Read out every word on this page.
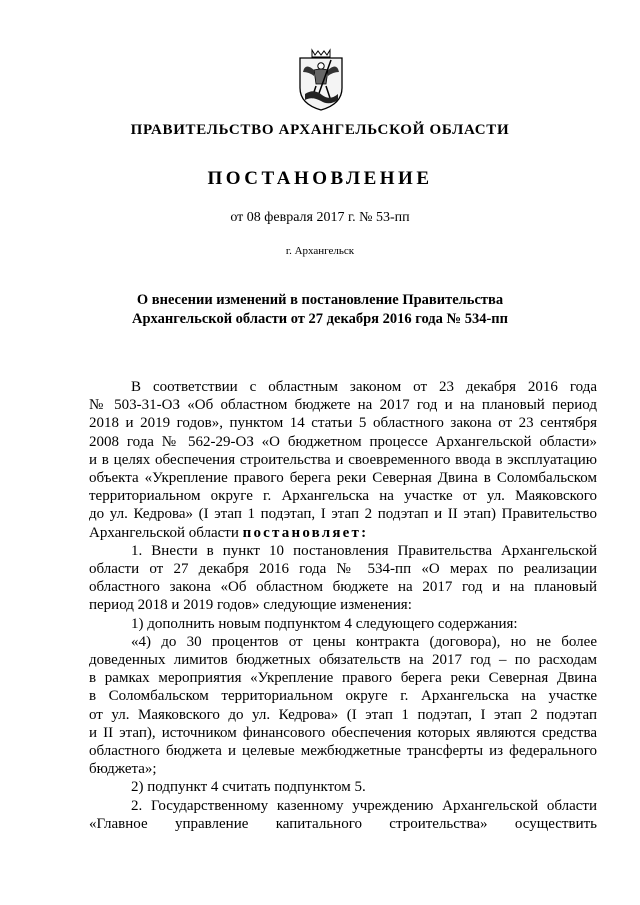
ПРАВИТЕЛЬСТВО АРХАНГЕЛЬСКОЙ ОБЛАСТИ
ПОСТАНОВЛЕНИЕ
от 08 февраля 2017 г. № 53-пп
г. Архангельск
О внесении изменений в постановление Правительства
Архангельской области от 27 декабря 2016 года № 534-пп
В соответствии с областным законом от 23 декабря 2016 года
№ 503-31-ОЗ «Об областном бюджете на 2017 год и на плановый период
2018 и 2019 годов», пунктом 14 статьи 5 областного закона от 23 сентября
2008 года № 562-29-ОЗ «О бюджетном процессе Архангельской области»
и в целях обеспечения строительства и своевременного ввода в эксплуатацию
объекта «Укрепление правого берега реки Северная Двина в Соломбальском
территориальном округе г. Архангельска на участке от ул. Маяковского
до ул. Кедрова» (I этап 1 подэтап, I этап 2 подэтап и II этап) Правительство
Архангельской области постановляет:
1. Внести в пункт 10 постановления Правительства Архангельской
области от 27 декабря 2016 года № 534-пп «О мерах по реализации
областного закона «Об областном бюджете на 2017 год и на плановый
период 2018 и 2019 годов» следующие изменения:
1) дополнить новым подпунктом 4 следующего содержания:
«4) до 30 процентов от цены контракта (договора), но не более
доведенных лимитов бюджетных обязательств на 2017 год – по расходам
в рамках мероприятия «Укрепление правого берега реки Северная Двина
в Соломбальском территориальном округе г. Архангельска на участке
от ул. Маяковского до ул. Кедрова» (I этап 1 подэтап, I этап 2 подэтап
и II этап), источником финансового обеспечения которых являются средства
областного бюджета и целевые межбюджетные трансферты из федерального
бюджета»;
2) подпункт 4 считать подпунктом 5.
2. Государственному казенному учреждению Архангельской области
«Главное управление капитального строительства» осуществить
